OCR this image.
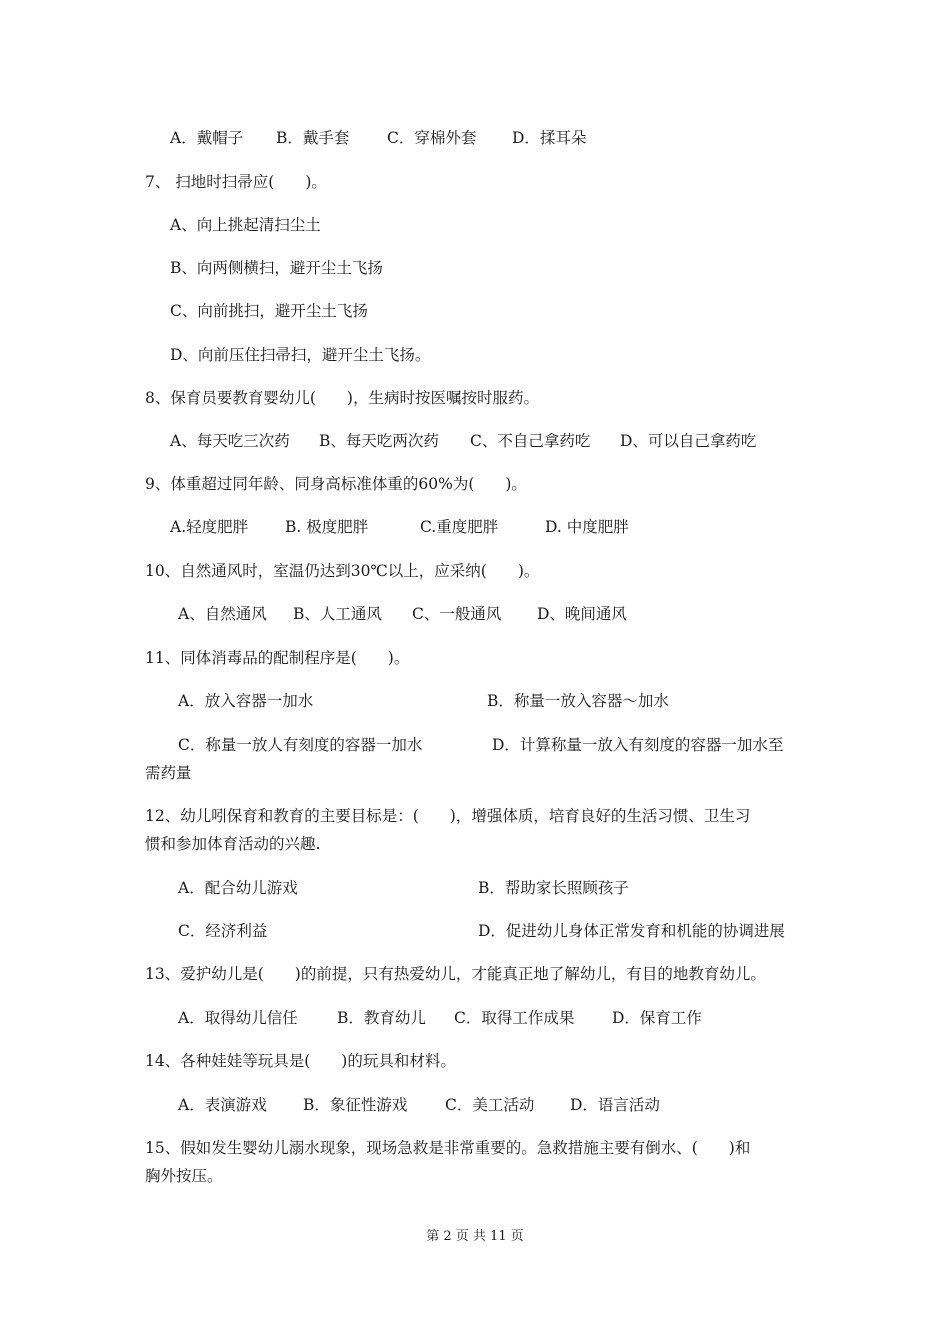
A．戴帽子 B．戴手套 C．穿棉外套 D．揉耳朵
7、 扫地时扫帚应(　　)。
A、向上挑起清扫尘土
B、向两侧横扫，避开尘土飞扬
C、向前挑扫，避开尘土飞扬
D、向前压住扫帚扫，避开尘土飞扬。
8、保育员要教育婴幼儿(　　)，生病时按医嘱按时服药。
A、每天吃三次药 B、每天吃两次药 C、不自己拿药吃 D、可以自己拿药吃
9、体重超过同年龄、同身高标准体重的60%为(　　)。
A.轻度肥胖 B. 极度肥胖	C.重度肥胖	D. 中度肥胖
10、自然通风时，室温仍达到30℃以上，应采纳(　　)。
A、自然通风 B、人工通风 C、一般通风 D、晚间通风
11、同体消毒品的配制程序是(　　)。
A．放入容器一加水	B．称量一放入容器～加水
C．称量一放人有刻度的容器一加水	D．计算称量一放入有刻度的容器一加水至
需药量
12、幼儿吲保育和教育的主要目标是：(　　)，增强体质，培育良好的生活习惯、卫生习
惯和参加体育活动的兴趣.
A．配合幼儿游戏	B．帮助家长照顾孩子
C．经济利益	D．促进幼儿身体正常发育和机能的协调进展
13、爱护幼儿是(　　)的前提，只有热爱幼儿，才能真正地了解幼儿，有目的地教育幼儿。
A．取得幼儿信任	B．教育幼儿 C．取得工作成果 D．保育工作
14、各种娃娃等玩具是(　　)的玩具和材料。
A．表演游戏 B．象征性游戏 C．美工活动 D．语言活动
15、假如发生婴幼儿溺水现象，现场急救是非常重要的。急救措施主要有倒水、(　　)和
胸外按压。
第 2 页 共 11 页
